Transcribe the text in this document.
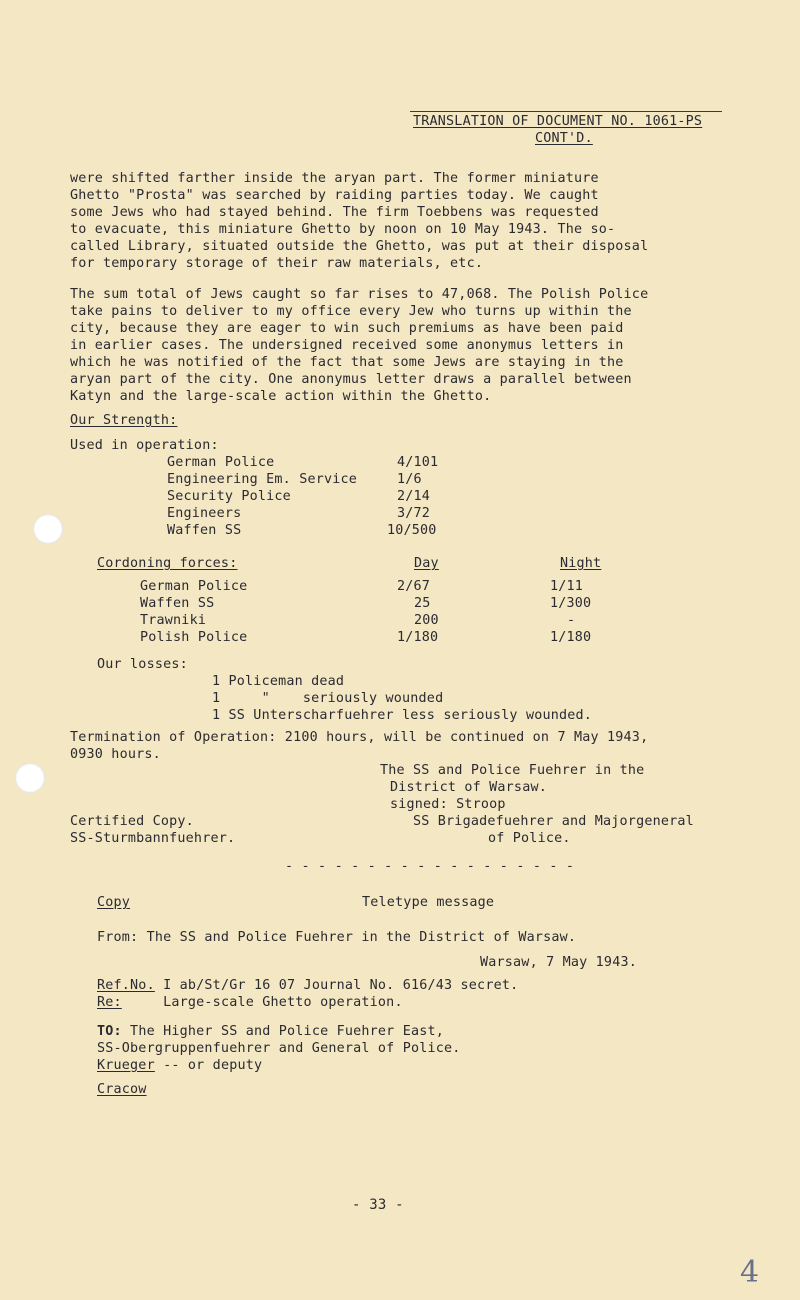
TRANSLATION OF DOCUMENT NO. 1061-PS
CONT'D.
were shifted farther inside the aryan part. The former miniature
Ghetto "Prosta" was searched by raiding parties today. We caught
some Jews who had stayed behind. The firm Toebbens was requested
to evacuate, this miniature Ghetto by noon on 10 May 1943. The so-
called Library, situated outside the Ghetto, was put at their disposal
for temporary storage of their raw materials, etc.
The sum total of Jews caught so far rises to 47,068. The Polish Police
take pains to deliver to my office every Jew who turns up within the
city, because they are eager to win such premiums as have been paid
in earlier cases. The undersigned received some anonymus letters in
which he was notified of the fact that some Jews are staying in the
aryan part of the city. One anonymus letter draws a parallel between
Katyn and the large-scale action within the Ghetto.
Our Strength:
Used in operation:
German Police	4/101
Engineering Em. Service	1/6
Security Police	2/14
Engineers	3/72
Waffen SS	10/500
Cordoning forces:	Day	Night
German Police	2/67	1/11
Waffen SS	25	1/300
Trawniki	200	-
Polish Police	1/180	1/180
Our losses:
1 Policeman dead
1     "    seriously wounded
1 SS Unterscharfuehrer less seriously wounded.
Termination of Operation: 2100 hours, will be continued on 7 May 1943,
0930 hours.
The SS and Police Fuehrer in the
District of Warsaw.
signed: Stroop
SS Brigadefuehrer and Majorgeneral
of Police.
Certified Copy.
SS-Sturmbannfuehrer.
- - - - - - - - - - - - - - - - - -
Copy	Teletype message
From: The SS and Police Fuehrer in the District of Warsaw.
Warsaw, 7 May 1943.
Ref.No. I ab/St/Gr 16 07 Journal No. 616/43 secret.
Re:     Large-scale Ghetto operation.
TO: The Higher SS and Police Fuehrer East,
SS-Obergruppenfuehrer and General of Police.
Krueger -- or deputy
Cracow
- 33 -
4
